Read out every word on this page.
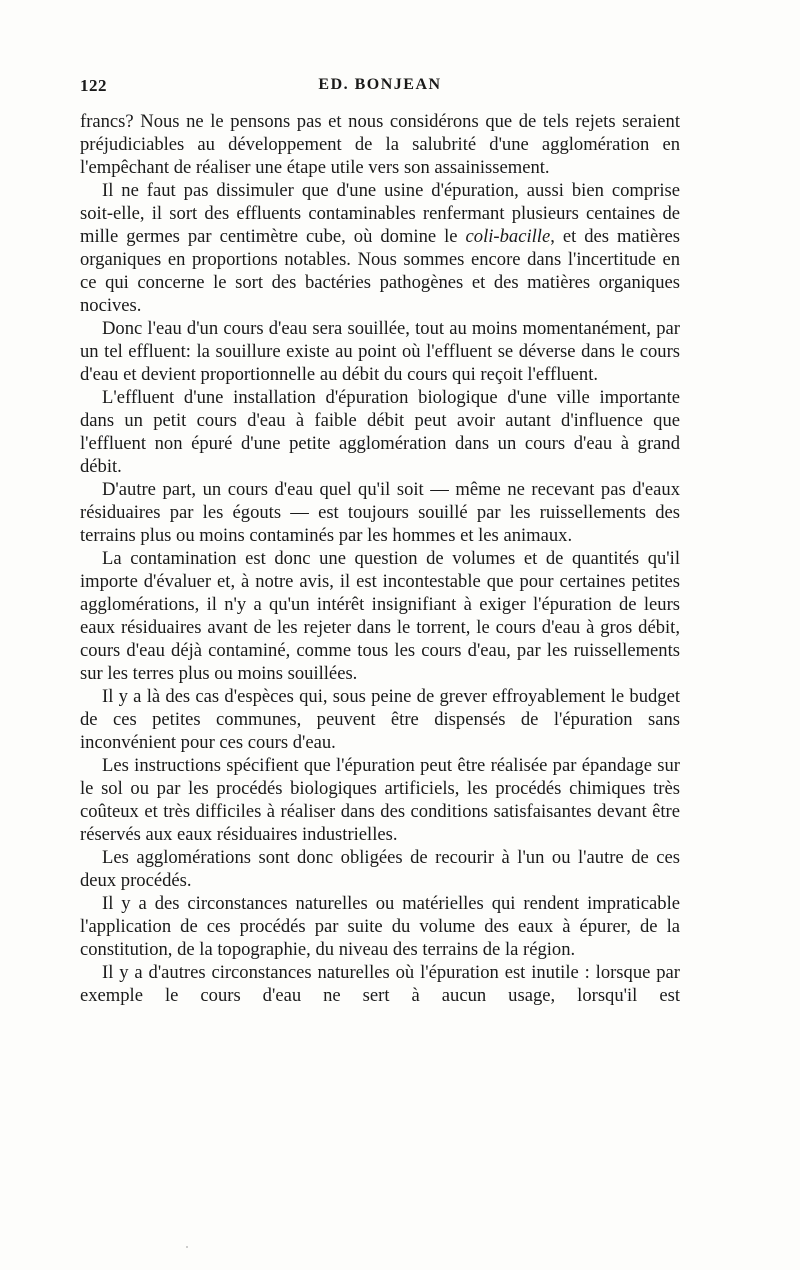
122	ED. BONJEAN

francs? Nous ne le pensons pas et nous considérons que de tels rejets seraient préjudiciables au développement de la salubrité d'une agglomération en l'empêchant de réaliser une étape utile vers son assainissement.

Il ne faut pas dissimuler que d'une usine d'épuration, aussi bien comprise soit-elle, il sort des effluents contaminables renfermant plusieurs centaines de mille germes par centimètre cube, où domine le coli-bacille, et des matières organiques en proportions notables. Nous sommes encore dans l'incertitude en ce qui concerne le sort des bactéries pathogènes et des matières organiques nocives.

Donc l'eau d'un cours d'eau sera souillée, tout au moins momentanément, par un tel effluent: la souillure existe au point où l'effluent se déverse dans le cours d'eau et devient proportionnelle au débit du cours qui reçoit l'effluent.

L'effluent d'une installation d'épuration biologique d'une ville importante dans un petit cours d'eau à faible débit peut avoir autant d'influence que l'effluent non épuré d'une petite agglomération dans un cours d'eau à grand débit.

D'autre part, un cours d'eau quel qu'il soit — même ne recevant pas d'eaux résiduaires par les égouts — est toujours souillé par les ruissellements des terrains plus ou moins contaminés par les hommes et les animaux.

La contamination est donc une question de volumes et de quantités qu'il importe d'évaluer et, à notre avis, il est incontestable que pour certaines petites agglomérations, il n'y a qu'un intérêt insignifiant à exiger l'épuration de leurs eaux résiduaires avant de les rejeter dans le torrent, le cours d'eau à gros débit, cours d'eau déjà contaminé, comme tous les cours d'eau, par les ruissellements sur les terres plus ou moins souillées.

Il y a là des cas d'espèces qui, sous peine de grever effroyablement le budget de ces petites communes, peuvent être dispensés de l'épuration sans inconvénient pour ces cours d'eau.

Les instructions spécifient que l'épuration peut être réalisée par épandage sur le sol ou par les procédés biologiques artificiels, les procédés chimiques très coûteux et très difficiles à réaliser dans des conditions satisfaisantes devant être réservés aux eaux résiduaires industrielles.

Les agglomérations sont donc obligées de recourir à l'un ou l'autre de ces deux procédés.

Il y a des circonstances naturelles ou matérielles qui rendent impraticable l'application de ces procédés par suite du volume des eaux à épurer, de la constitution, de la topographie, du niveau des terrains de la région.

Il y a d'autres circonstances naturelles où l'épuration est inutile : lorsque par exemple le cours d'eau ne sert à aucun usage, lorsqu'il est
